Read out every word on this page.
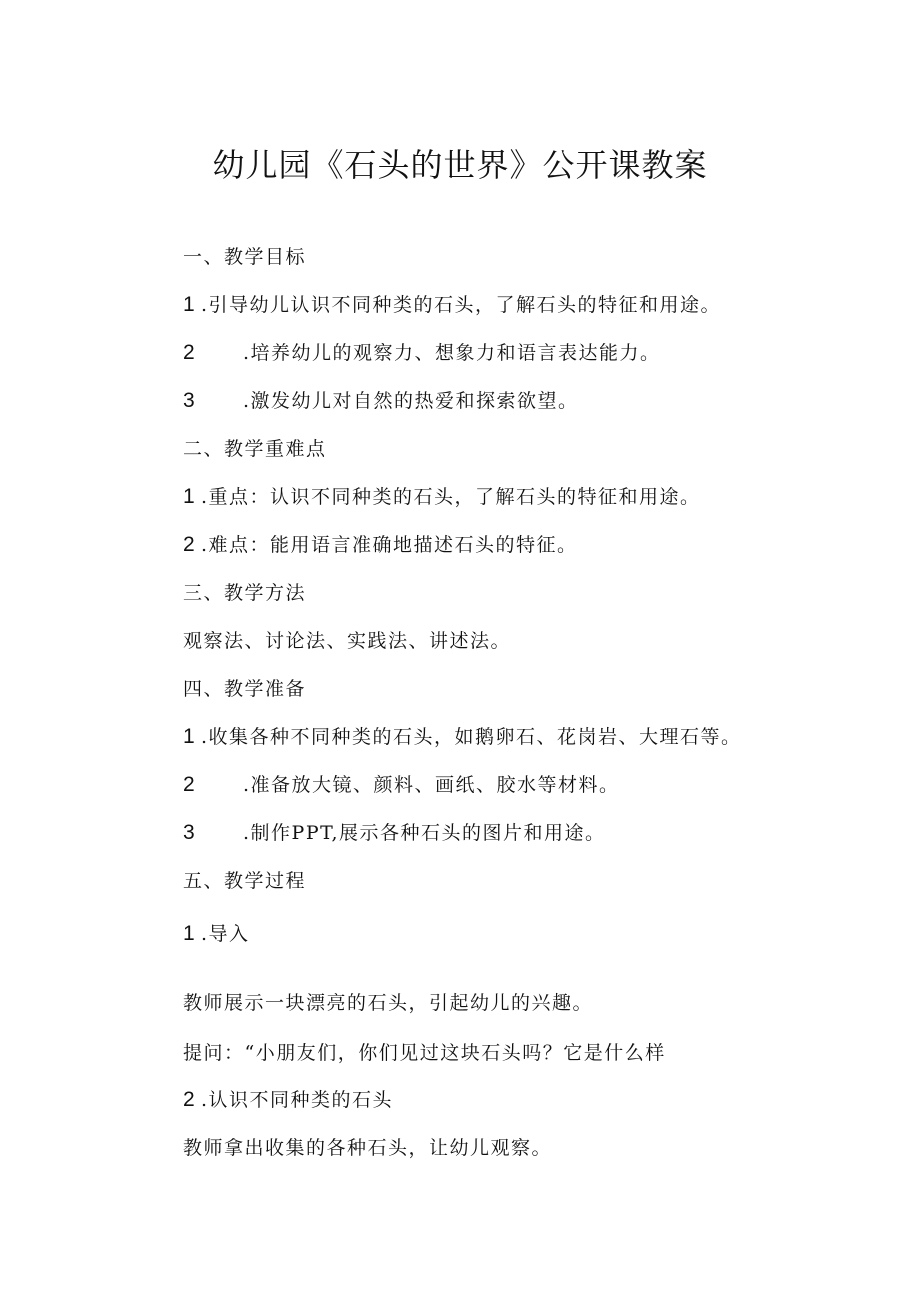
幼儿园《石头的世界》公开课教案
一、教学目标
1 .引导幼儿认识不同种类的石头，了解石头的特征和用途。
2	.培养幼儿的观察力、想象力和语言表达能力。
3	.激发幼儿对自然的热爱和探索欲望。
二、教学重难点
1 .重点：认识不同种类的石头，了解石头的特征和用途。
2 .难点：能用语言准确地描述石头的特征。
三、教学方法
观察法、讨论法、实践法、讲述法。
四、教学准备
1 .收集各种不同种类的石头，如鹅卵石、花岗岩、大理石等。
2	.准备放大镜、颜料、画纸、胶水等材料。
3	.制作PPT,展示各种石头的图片和用途。
五、教学过程
1 .导入
教师展示一块漂亮的石头，引起幼儿的兴趣。
提问：“小朋友们，你们见过这块石头吗？它是什么样
2 .认识不同种类的石头
教师拿出收集的各种石头，让幼儿观察。
